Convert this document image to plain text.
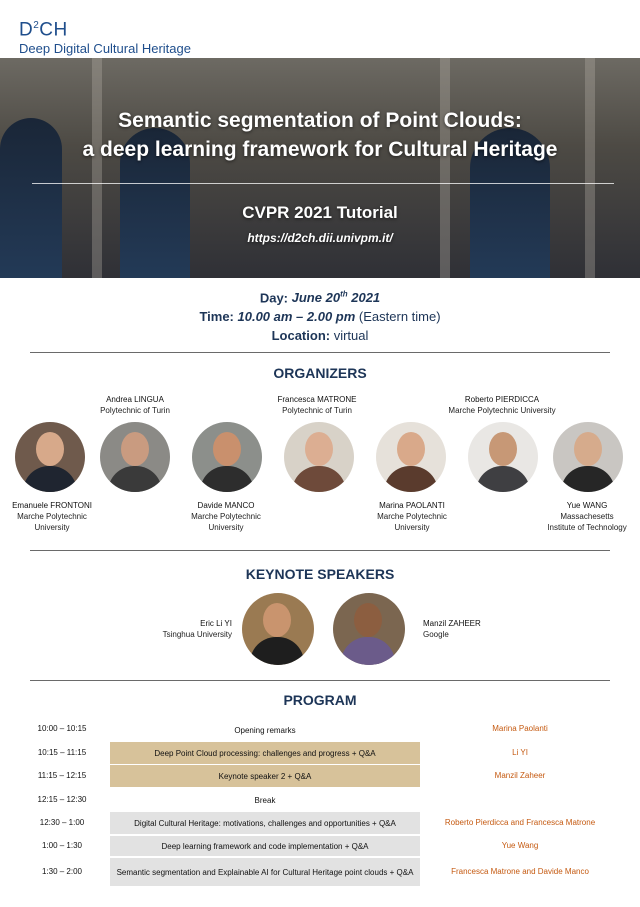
$D^2CH$
Deep Digital Cultural Heritage
Semantic segmentation of Point Clouds:
a deep learning framework for Cultural Heritage
CVPR 2021 Tutorial
https://d2ch.dii.univpm.it/
Day: June 20th 2021
Time: 10.00 am – 2.00 pm (Eastern time)
Location: virtual
ORGANIZERS
Andrea LINGUA
Polytechnic of Turin
Francesca MATRONE
Polytechnic of Turin
Roberto PIERDICCA
Marche Polytechnic University
Emanuele FRONTONI
Marche Polytechnic
University
Davide MANCO
Marche Polytechnic
University
Marina PAOLANTI
Marche Polytechnic
University
Yue WANG
Massachesetts
Institute of Technology
KEYNOTE SPEAKERS
Eric Li YI
Tsinghua University
Manzil ZAHEER
Google
PROGRAM
10:00 – 10:15	Opening remarks	Marina Paolanti
10:15 – 11:15	Deep Point Cloud processing: challenges and progress + Q&A	Li YI
11:15 – 12:15	Keynote speaker 2 + Q&A	Manzil Zaheer
12:15 – 12:30	Break
12:30 – 1:00	Digital Cultural Heritage: motivations, challenges and opportunities + Q&A	Roberto Pierdicca and Francesca Matrone
1:00 – 1:30	Deep learning framework and code implementation + Q&A	Yue Wang
1:30 – 2:00	Semantic segmentation and Explainable AI for Cultural Heritage point clouds + Q&A	Francesca Matrone and Davide Manco
